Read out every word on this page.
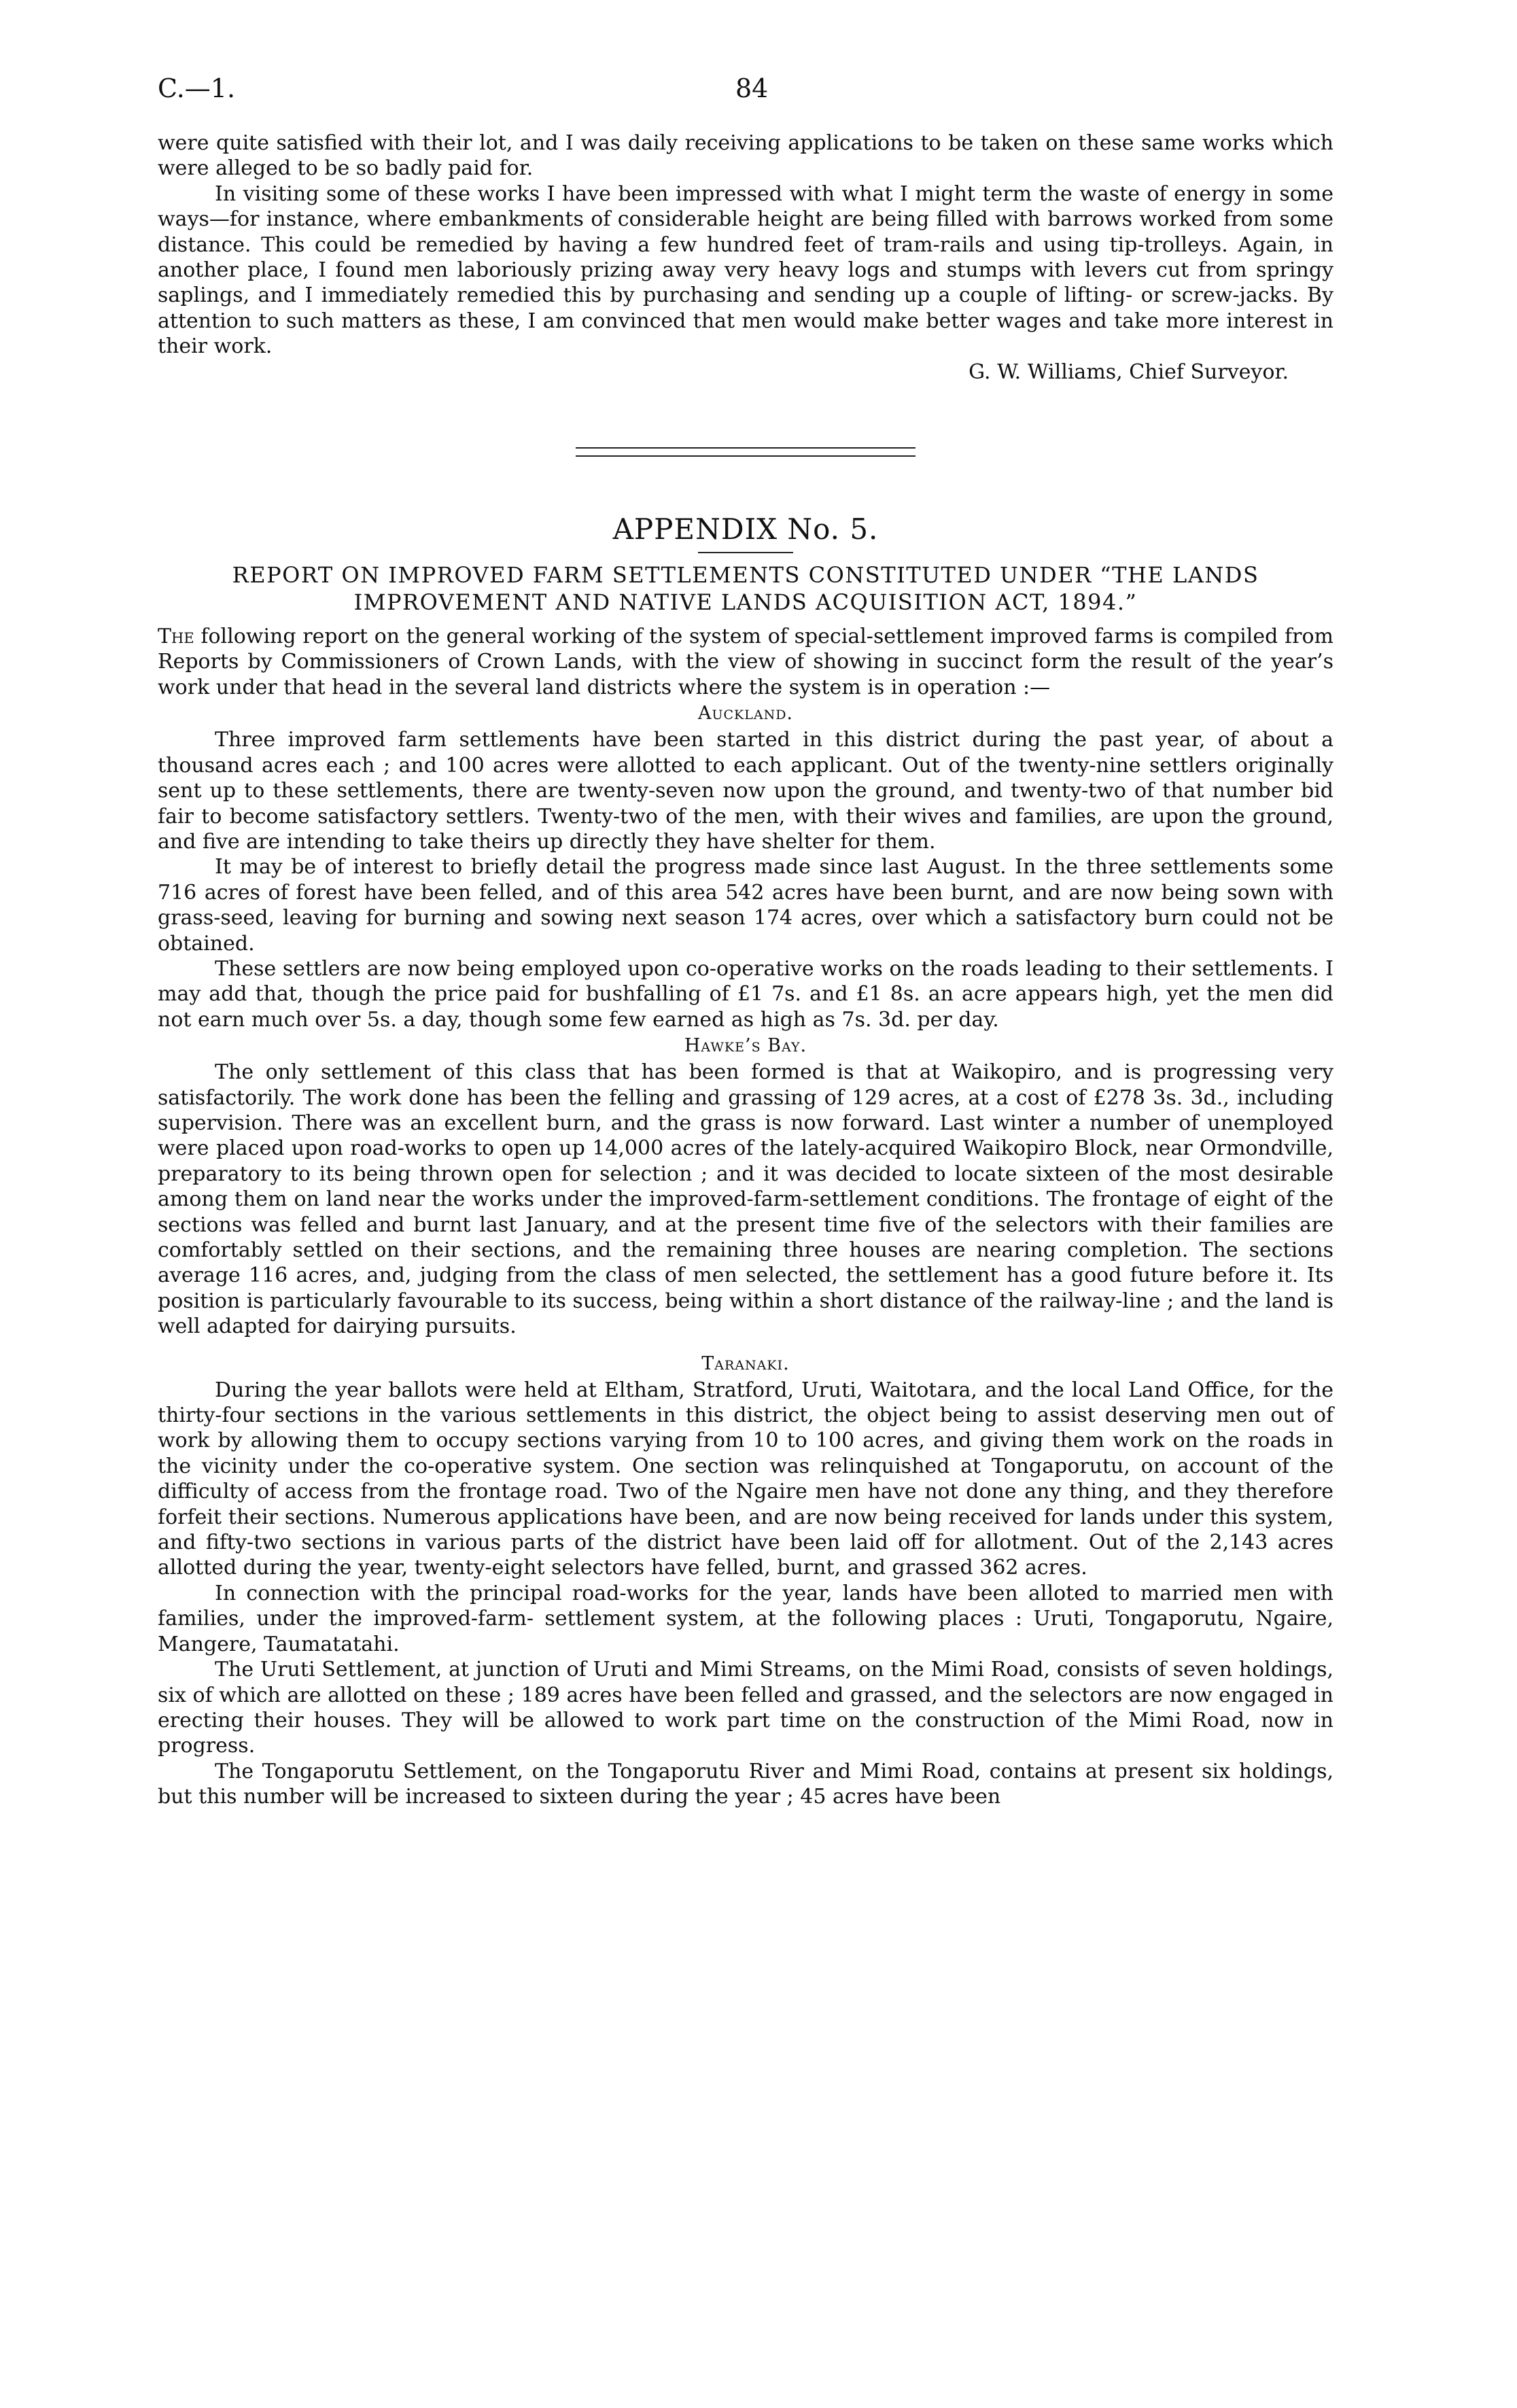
C.—1.	84

were quite satisfied with their lot, and I was daily receiving applications to be taken on these same works which were alleged to be so badly paid for.

In visiting some of these works I have been impressed with what I might term the waste of energy in some ways—for instance, where embankments of considerable height are being filled with barrows worked from some distance. This could be remedied by having a few hundred feet of tram-rails and using tip-trolleys. Again, in another place, I found men laboriously prizing away very heavy logs and stumps with levers cut from springy saplings, and I immediately remedied this by purchasing and sending up a couple of lifting- or screw-jacks. By attention to such matters as these, I am convinced that men would make better wages and take more interest in their work.

G. W. Williams, Chief Surveyor.

APPENDIX No. 5.
REPORT ON IMPROVED FARM SETTLEMENTS CONSTITUTED UNDER “THE LANDS IMPROVEMENT AND NATIVE LANDS ACQUISITION ACT, 1894.”

The following report on the general working of the system of special-settlement improved farms is compiled from Reports by Commissioners of Crown Lands, with the view of showing in succinct form the result of the year’s work under that head in the several land districts where the system is in operation :—

Auckland.

Three improved farm settlements have been started in this district during the past year, of about a thousand acres each ; and 100 acres were allotted to each applicant. Out of the twenty-nine settlers originally sent up to these settlements, there are twenty-seven now upon the ground, and twenty-two of that number bid fair to become satisfactory settlers. Twenty-two of the men, with their wives and families, are upon the ground, and five are intending to take theirs up directly they have shelter for them.

It may be of interest to briefly detail the progress made since last August. In the three settlements some 716 acres of forest have been felled, and of this area 542 acres have been burnt, and are now being sown with grass-seed, leaving for burning and sowing next season 174 acres, over which a satisfactory burn could not be obtained.

These settlers are now being employed upon co-operative works on the roads leading to their settlements. I may add that, though the price paid for bushfalling of £1 7s. and £1 8s. an acre appears high, yet the men did not earn much over 5s. a day, though some few earned as high as 7s. 3d. per day.

Hawke’s Bay.

The only settlement of this class that has been formed is that at Waikopiro, and is progressing very satisfactorily. The work done has been the felling and grassing of 129 acres, at a cost of £278 3s. 3d., including supervision. There was an excellent burn, and the grass is now forward. Last winter a number of unemployed were placed upon road-works to open up 14,000 acres of the lately-acquired Waikopiro Block, near Ormondville, preparatory to its being thrown open for selection ; and it was decided to locate sixteen of the most desirable among them on land near the works under the improved-farm-settlement conditions. The frontage of eight of the sections was felled and burnt last January, and at the present time five of the selectors with their families are comfortably settled on their sections, and the remaining three houses are nearing completion. The sections average 116 acres, and, judging from the class of men selected, the settlement has a good future before it. Its position is particularly favourable to its success, being within a short distance of the railway-line ; and the land is well adapted for dairying pursuits.

Taranaki.

During the year ballots were held at Eltham, Stratford, Uruti, Waitotara, and the local Land Office, for the thirty-four sections in the various settlements in this district, the object being to assist deserving men out of work by allowing them to occupy sections varying from 10 to 100 acres, and giving them work on the roads in the vicinity under the co-operative system. One section was relinquished at Tongaporutu, on account of the difficulty of access from the frontage road. Two of the Ngaire men have not done any thing, and they therefore forfeit their sections. Numerous applications have been, and are now being received for lands under this system, and fifty-two sections in various parts of the district have been laid off for allotment. Out of the 2,143 acres allotted during the year, twenty-eight selectors have felled, burnt, and grassed 362 acres.

In connection with the principal road-works for the year, lands have been alloted to married men with families, under the improved-farm- settlement system, at the following places : Uruti, Tongaporutu, Ngaire, Mangere, Taumatatahi.

The Uruti Settlement, at junction of Uruti and Mimi Streams, on the Mimi Road, consists of seven holdings, six of which are allotted on these ; 189 acres have been felled and grassed, and the selectors are now engaged in erecting their houses. They will be allowed to work part time on the construction of the Mimi Road, now in progress.

The Tongaporutu Settlement, on the Tongaporutu River and Mimi Road, contains at present six holdings, but this number will be increased to sixteen during the year ; 45 acres have been
